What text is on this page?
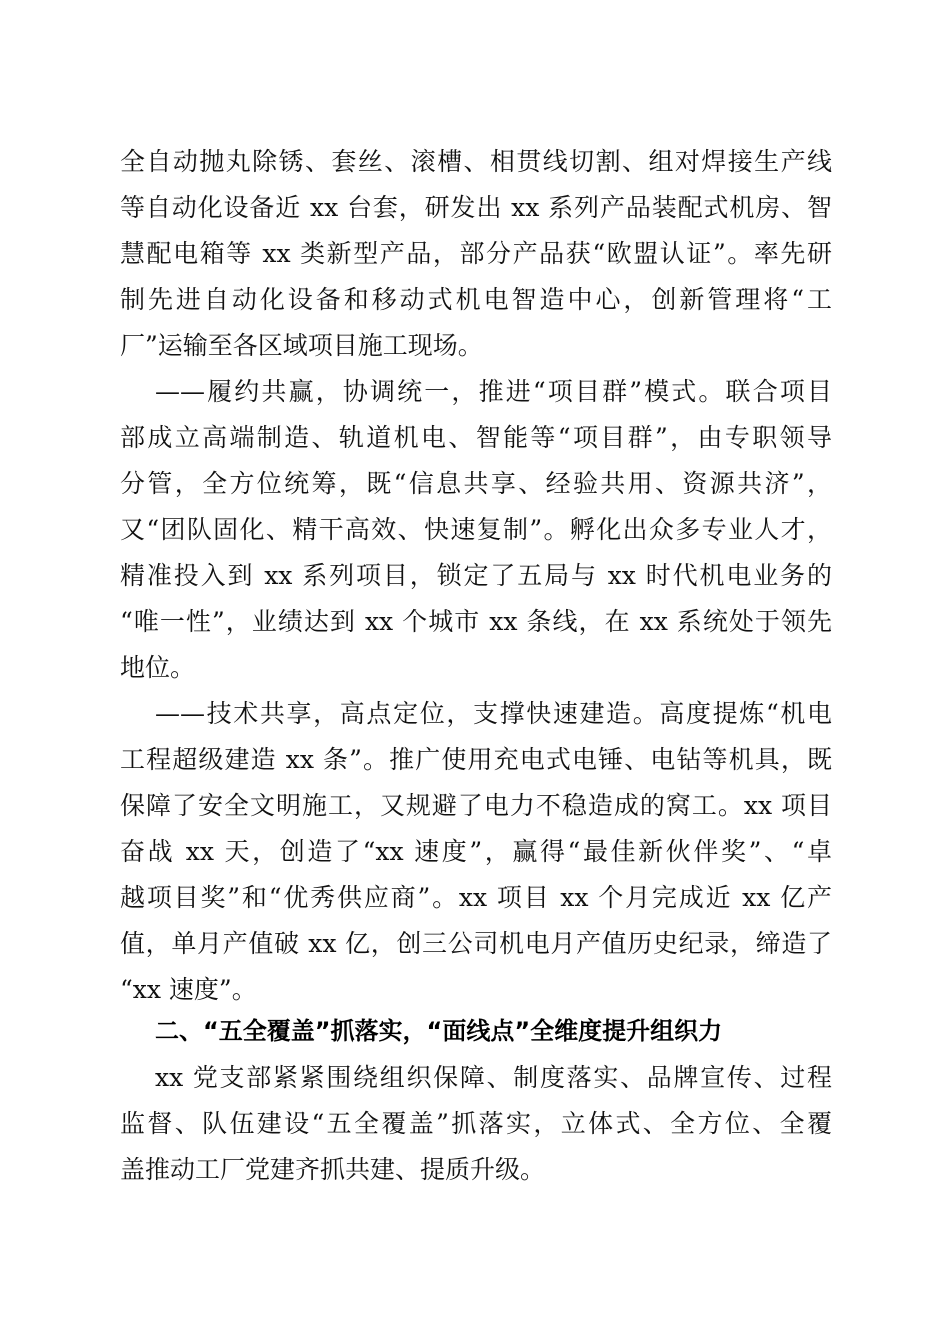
全自动抛丸除锈、套丝、滚槽、相贯线切割、组对焊接生产线
等自动化设备近 xx 台套，研发出 xx 系列产品装配式机房、智
慧配电箱等 xx 类新型产品，部分产品获“欧盟认证”。率先研
制先进自动化设备和移动式机电智造中心，创新管理将“工
厂”运输至各区域项目施工现场。
——履约共赢，协调统一，推进“项目群”模式。联合项目
部成立高端制造、轨道机电、智能等“项目群”，由专职领导
分管，全方位统筹，既“信息共享、经验共用、资源共济”，
又“团队固化、精干高效、快速复制”。孵化出众多专业人才，
精准投入到 xx 系列项目，锁定了五局与 xx 时代机电业务的
“唯一性”，业绩达到 xx 个城市 xx 条线，在 xx 系统处于领先
地位。
——技术共享，高点定位，支撑快速建造。高度提炼“机电
工程超级建造 xx 条”。推广使用充电式电锤、电钻等机具，既
保障了安全文明施工，又规避了电力不稳造成的窝工。xx 项目
奋战 xx 天，创造了“xx 速度”，赢得“最佳新伙伴奖”、“卓
越项目奖”和“优秀供应商”。xx 项目 xx 个月完成近 xx 亿产
值，单月产值破 xx 亿，创三公司机电月产值历史纪录，缔造了
“xx 速度”。
二、“五全覆盖”抓落实，“面线点”全维度提升组织力
xx 党支部紧紧围绕组织保障、制度落实、品牌宣传、过程
监督、队伍建设“五全覆盖”抓落实，立体式、全方位、全覆
盖推动工厂党建齐抓共建、提质升级。
